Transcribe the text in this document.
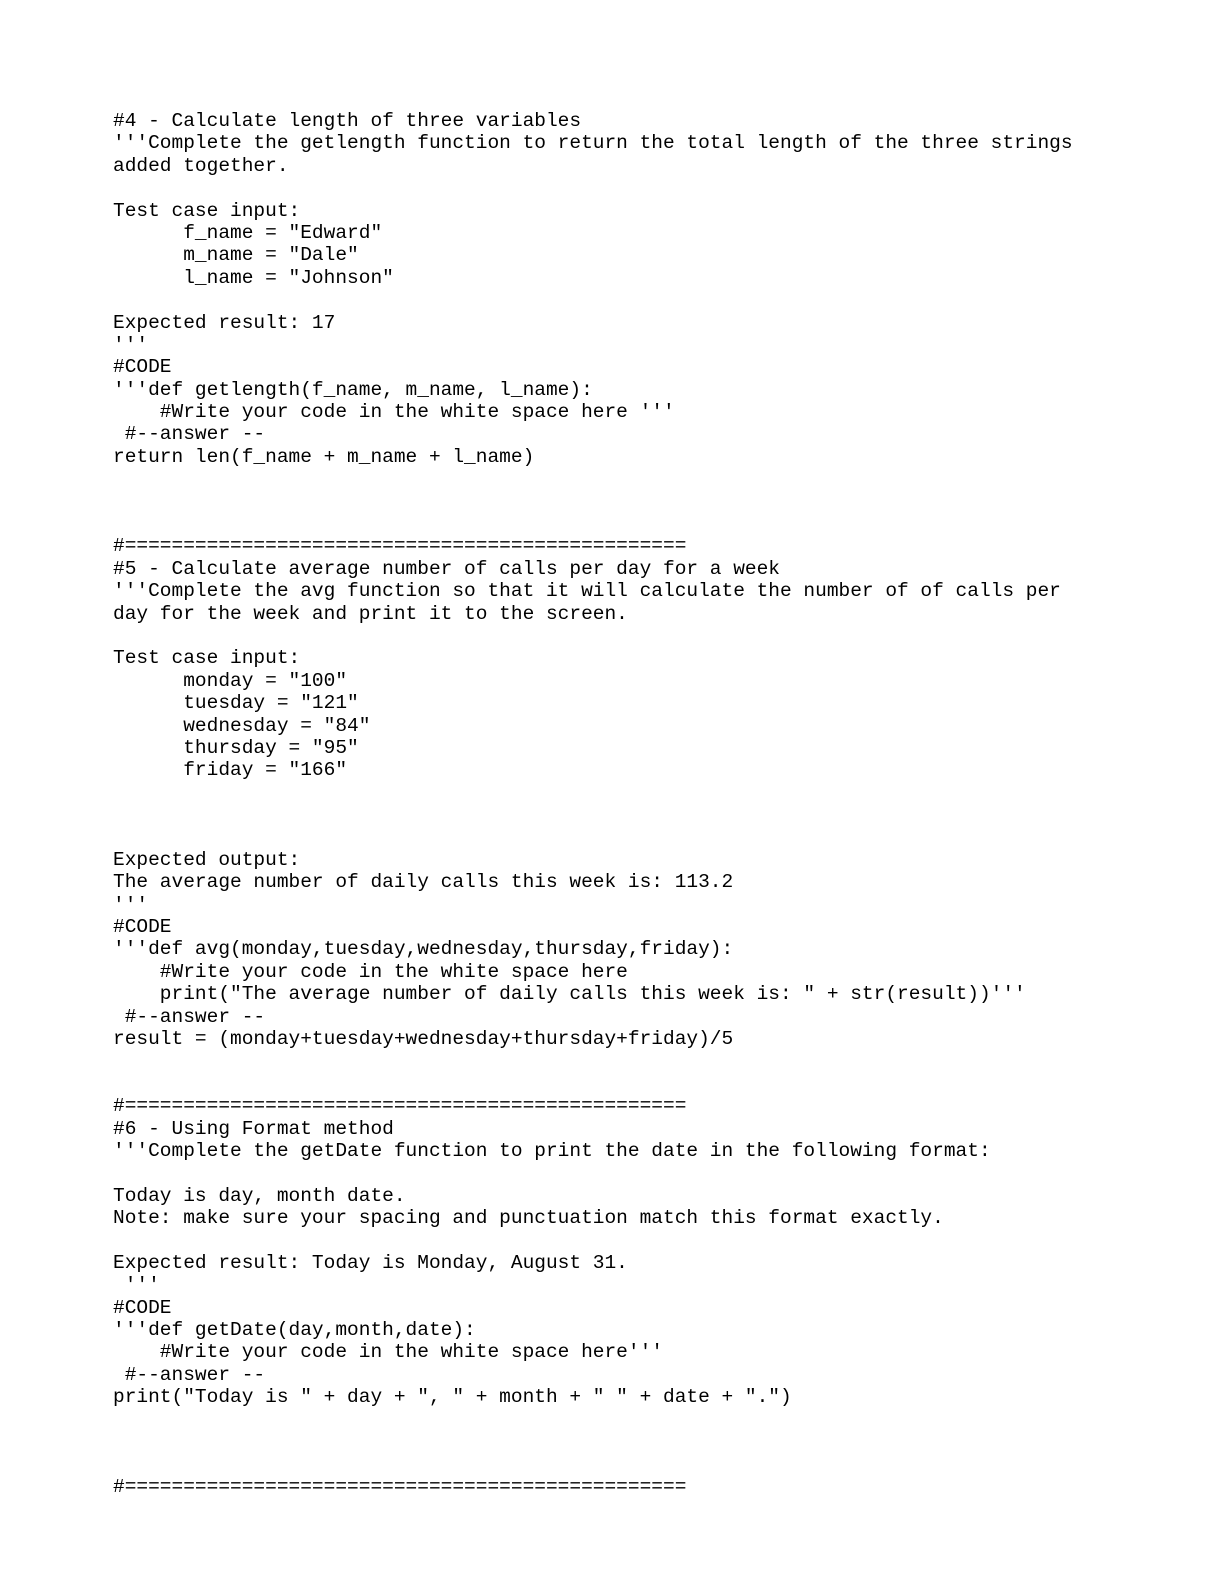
#4 - Calculate length of three variables
'''Complete the getlength function to return the total length of the three strings
added together.
Test case input:
f_name = "Edward"
m_name = "Dale"
l_name = "Johnson"
Expected result: 17
'''
#CODE
'''def getlength(f_name, m_name, l_name):
#Write your code in the white space here '''
#--answer --
return len(f_name + m_name + l_name)
#================================================
#5 - Calculate average number of calls per day for a week
'''Complete the avg function so that it will calculate the number of of calls per
day for the week and print it to the screen.
Test case input:
monday = "100"
tuesday = "121"
wednesday = "84"
thursday = "95"
friday = "166"
Expected output:
The average number of daily calls this week is: 113.2
'''
#CODE
'''def avg(monday,tuesday,wednesday,thursday,friday):
#Write your code in the white space here
print("The average number of daily calls this week is: " + str(result))'''
#--answer --
result = (monday+tuesday+wednesday+thursday+friday)/5
#================================================
#6 - Using Format method
'''Complete the getDate function to print the date in the following format:
Today is day, month date.
Note: make sure your spacing and punctuation match this format exactly.
Expected result: Today is Monday, August 31.
'''
#CODE
'''def getDate(day,month,date):
#Write your code in the white space here'''
#--answer --
print("Today is " + day + ", " + month + " " + date + ".")
#================================================
